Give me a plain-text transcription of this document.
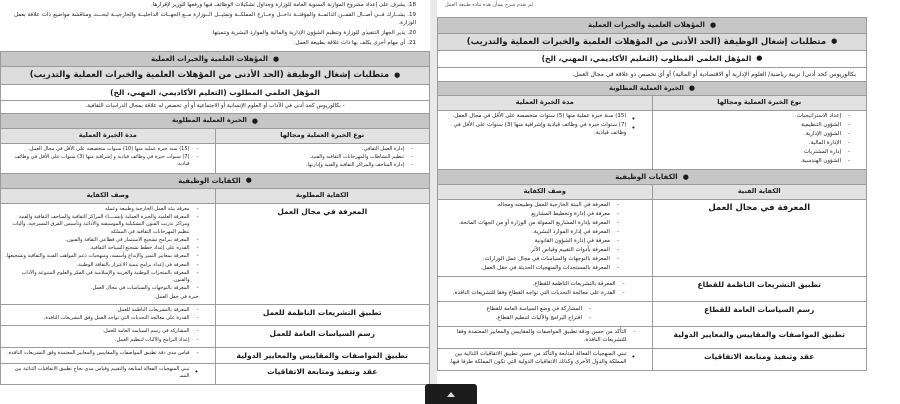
18. يشرف على إعداد مشروع الموازنة السنوية العامة للوزارة وجداول تشكيلات الوظائف فيها ورفعها للوزير لإقرارها.
19. يشــارك فــي أصــال القمــن الدائمــة والمؤقتــة داخــل وخــارج المملكــة وتمثيــل الــوزارة مــع الجهــات الداخليــة والخارجيــة لبحــث ومناقشة مواضيع ذات علاقة بعمل الوزارة.
20. يدير الجهاز التنفيذي للوزارة وتنظيم الشؤون الإدارية والمالية والموارد البشرية وتنميتها.
21. أي مهام أخرى يكلف بها ذات علاقة بطبيعة العمل.
●
المؤهلات العلمية والخبرات العملية	

●
متطلبات إشغال الوظيفة (الحد الأدنى من المؤهلات العلمية والخبرات العملية والتدريب)	

المؤهل العلمي المطلوب (التعليم الأكاديمي، المهني، الخ)	
- بكالوريوس كحد أدنى في الآداب أو العلوم الإنسانية أو الاجتماعية أو أي تخصص له علاقة بمجال الدراسات الثقافية.	

●
الخبرة العملية المطلوبة	

نوع الخبرة العملية ومجالها	مدة الخبرة العملية

- إدارة العمل الثقافي.
- تنظيم النشاطات والمهرجانات الثقافية والفنية.
- إدارة المتاحف والمراكز الثقافية والفنية وإدارتها.

- (15) سنة خبرة عملية منها (10) سنوات متخصصة على الأقل في مجال العمل.
- (7) سنوات خبرة في وظائف قيادية و إشرافية منها (3) سنوات على الأقل في وظائف قيادية.

●
الكفايات الوظيفية	

الكفاية المطلوبة	وصف الكفاية
المعرفة في مجال العمل	
- معرفة بيئة العمل الخارجية وطبيعة وعمله
- المعرفة العلمية والخبرة العملية بإنشــــاء المراكز الثقافية والمتاحف الثقافية والفنية ومراكز تدريب الفنون التشكيلية والموسيقية والأدائية وتأسيس الفرق المسرحية، وآليات تنظيم المهرجانات الثقافية في المملكة
- المعرفة ببرامج تشجيع الاستثمار في قطاعي الثقافة والفنون.
- القدرة على إعداد خطط تشجيع السياحة الثقافية.
- المعرفة بمعايير التميز والإبداع وأسسه، ومنهجيات دعم المواهب الفنية والثقافية وتشجيعها.
- المعرفة في إعداد برامج تنمية الاعتزاز بالثقافة الوطنية.
- المعرفة بالمنجزات الوطنية والعربية والإسلامية في الفكر والعلوم المتنوعة والآداب والفنون.
- المعرفة بالتوجهات والسياسات في مجال العمل.
- خبرة في حقل العمل.

تطبيق التشريعات الناظمة للعمل	
- المعرفة بالتشريعات الناظمة للعمل.
- القدرة على معالجة التحديات التي تواجه العمل وفق التشريعات النافذة.

رسم السياسات العامة للعمل	
- المشاركة في رسم السياسة العامة للعمل.
- إعداد البرامج والآليات لتنظيم العمل.

تطبيق المواصفات والمقاييس والمعايير الدولية	
- قياس مدى دقة تطبيق المواصفات والمقاييس والمعايير المعتمدة وفق التشريعات النافذة.

عقد وتنفيذ ومتابعة الاتفاقيات	
• تبني المنهجيات الفعالة لمتابعة والتقييم وقياس مدى نجاح تطبيق الاتفاقيات الثنائية بين الممـ
لم يقدم شرح بشأن هذه مادة طبيعة العمل
●
المؤهلات العلمية والخبرات العملية	

●
متطلبات إشغال الوظيفة (الحد الأدنى من المؤهلات العلمية والخبرات العملية والتدريب)	

●
المؤهل العلمي المطلوب (التعليم الأكاديمي، المهني، الخ)	

بكالوريوس كحد أدنى( تربية رياضية/ العلوم الإدارية أو الاقتصادية أو المالية) أو أي تخصص ذو علاقة في مجال العمل.	

●
الخبرة العملية المطلوبة	

نوع الخبرة العملية ومجالها	مدة الخبرة العملية

- إعداد الاستراتيجيات.
- الشؤون التنظيمية
- الشؤون الإدارية.
- الإدارة المالية.
- إدارة المشتريات
- الشؤون الهندسية.

• (15) سنة خبرة عملية منها (5) سنوات متخصصة على الأقل في مجال العمل.
• (7) سنوات خبرة في وظائف قيادية وإشرافية منها (3) سنوات على الأقل في وظائف قيادية.

●
الكفايات الوظيفية	

الكفاية الفنية	وصف الكفاية
المعرفة في مجال العمل	
- المعرفة في البيئة الخارجية للعمل وطبيعته ومجاله.
- معرفة في إدارة وتخطيط المشاريع
- المعرفة بإدارة المشاريع الممولة من الوزارة أو من الجهات المانحة.
- المعرفة في إدارة الموارد البشرية.
- معرفة في إدارة الشؤون القانونية
- المعرفة بأدوات التقييم وقياس الأثر.
- المعرفة بالتوجهات والسياسات في مجال عمل الوزارات.
- المعرفة بالمستجدات والمنهجيات الحديثة في حقل العمل.

تطبيق التشريعات الناظمة للقطاع	
- المعرفة بالتشريعات الناظمة للقطاع.
- القدرة على معالجة التحديات التي تواجه القطاع وفقا للتشريعات النافذة.

رسم السياسات العامة للقطاع	
- المشاركة في وضع السياسة العامة للقطاع
- اقتراح البرامج والآليات لتنظيم القطاع.

تطبيق المواصفات والمقاييس والمعايير الدولية	
- التأكد من حسن ودقة تطبيق المواصفات والمقاييس والمعايير المعتمدة وفقا للتشريعات النافذة.

عقد وتنفيذ ومتابعة الاتفاقيات	
• تبني المنهجيات الفعالة لمتابعة والتأكد من حسن تطبيق الاتفاقيات الثنائية بين المملكة والدول الأخرى وكذلك الاتفاقيات الدولية التي تكون المملكة طرفا فيها.
